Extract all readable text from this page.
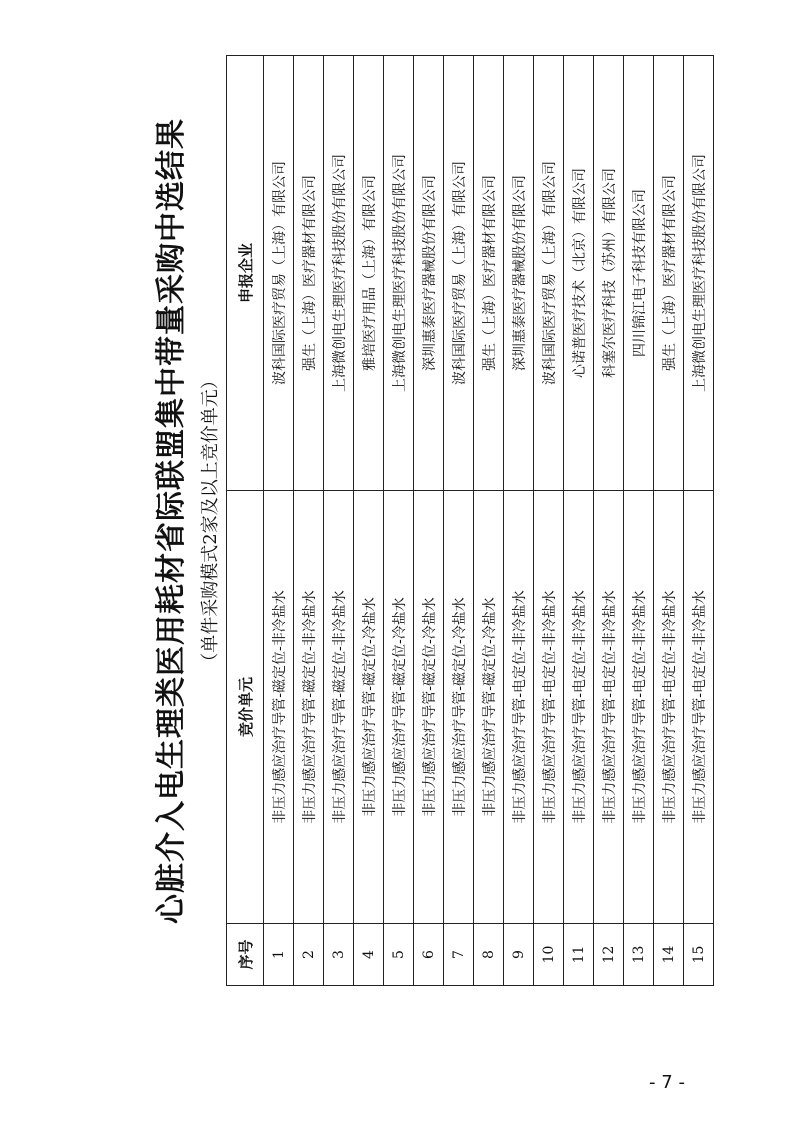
心脏介入电生理类医用耗材省际联盟集中带量采购中选结果 （单件采购模式2家及以上竞价单元）
序号	竞价单元	申报企业
1	非压力感应治疗导管-磁定位-非冷盐水	波科国际医疗贸易（上海）有限公司
2	非压力感应治疗导管-磁定位-非冷盐水	强生（上海）医疗器材有限公司
3	非压力感应治疗导管-磁定位-非冷盐水	上海微创电生理医疗科技股份有限公司
4	非压力感应治疗导管-磁定位-冷盐水	雅培医疗用品（上海）有限公司
5	非压力感应治疗导管-磁定位-冷盐水	上海微创电生理医疗科技股份有限公司
6	非压力感应治疗导管-磁定位-冷盐水	深圳惠泰医疗器械股份有限公司
7	非压力感应治疗导管-磁定位-冷盐水	波科国际医疗贸易（上海）有限公司
8	非压力感应治疗导管-磁定位-冷盐水	强生（上海）医疗器材有限公司
9	非压力感应治疗导管-电定位-非冷盐水	深圳惠泰医疗器械股份有限公司
10	非压力感应治疗导管-电定位-非冷盐水	波科国际医疗贸易（上海）有限公司
11	非压力感应治疗导管-电定位-非冷盐水	心诺普医疗技术（北京）有限公司
12	非压力感应治疗导管-电定位-非冷盐水	科塞尔医疗科技（苏州）有限公司
13	非压力感应治疗导管-电定位-非冷盐水	四川锦江电子科技有限公司
14	非压力感应治疗导管-电定位-非冷盐水	强生（上海）医疗器材有限公司
15	非压力感应治疗导管-电定位-非冷盐水	上海微创电生理医疗科技股份有限公司
- 7 -
